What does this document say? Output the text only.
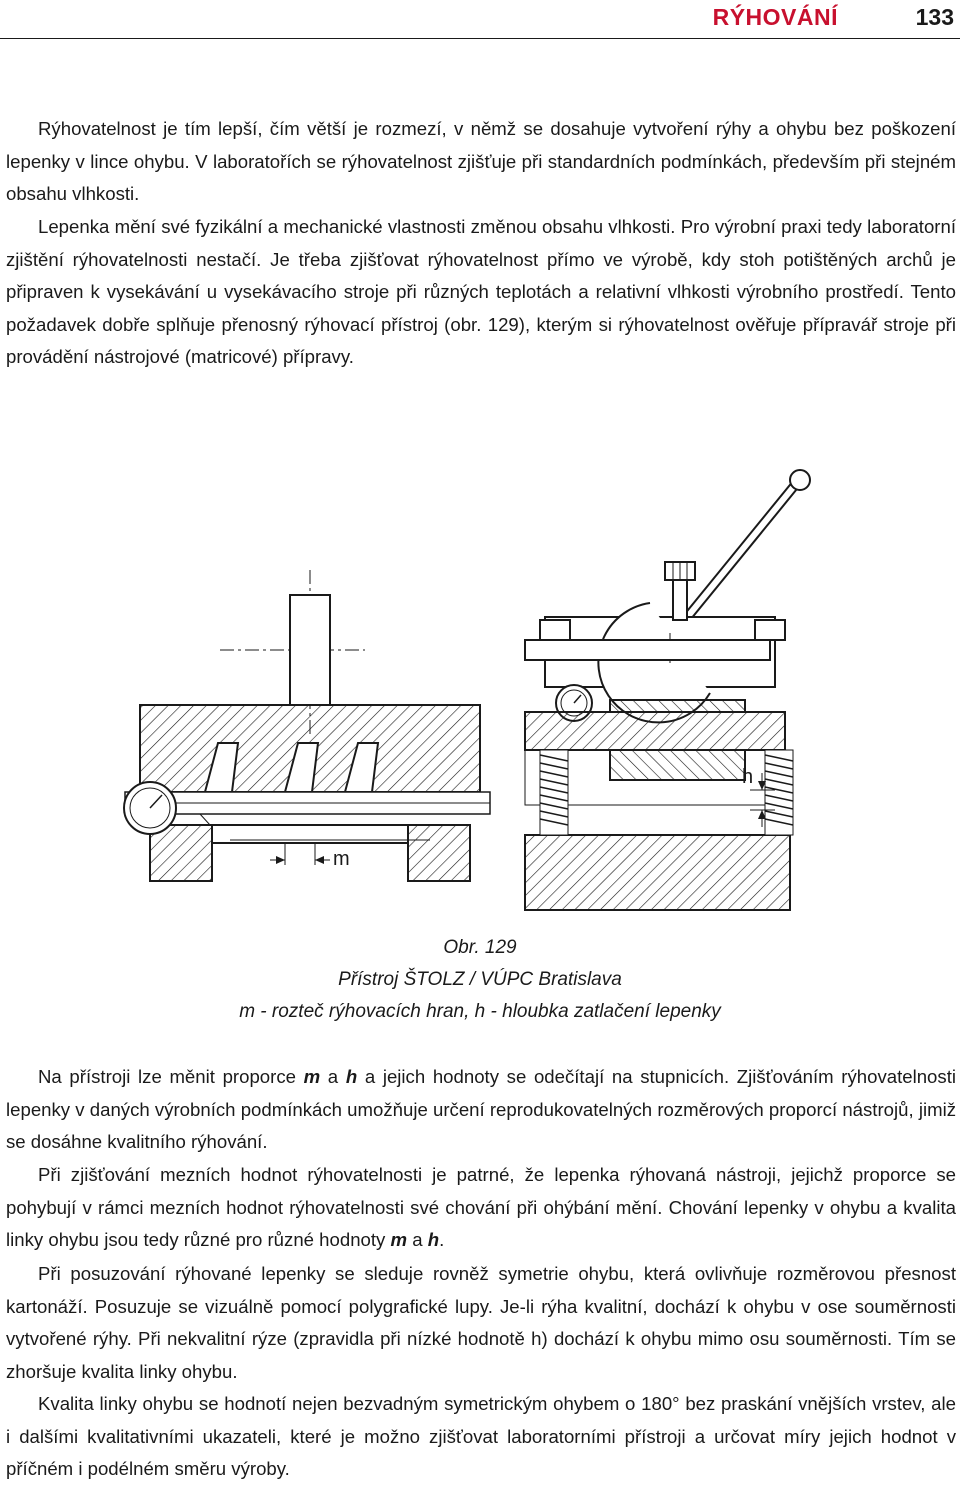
RÝHOVÁNÍ	133

Rýhovatelnost je tím lepší, čím větší je rozmezí, v němž se dosahuje vytvoření rýhy a ohybu bez poškození lepenky v lince ohybu. V laboratořích se rýhovatelnost zjišťuje při standardních podmínkách, především při stejném obsahu vlhkosti.

Lepenka mění své fyzikální a mechanické vlastnosti změnou obsahu vlhkosti. Pro výrobní praxi tedy laboratorní zjištění rýhovatelnosti nestačí. Je třeba zjišťovat rýhovatelnost přímo ve výrobě, kdy stoh potištěných archů je připraven k vysekávání u vysekávacího stroje při různých teplotách a relativní vlhkosti výrobního prostředí. Tento požadavek dobře splňuje přenosný rýhovací přístroj (obr. 129), kterým si rýhovatelnost ověřuje přípravář stroje při provádění nástrojové (matricové) přípravy.

m
h
Obr. 129
Přístroj ŠTOLZ / VÚPC Bratislava
m - rozteč rýhovacích hran, h - hloubka zatlačení lepenky

Na přístroji lze měnit proporce m a h a jejich hodnoty se odečítají na stupnicích. Zjišťováním rýhovatelnosti lepenky v daných výrobních podmínkách umožňuje určení reprodukovatelných rozměrových proporcí nástrojů, jimiž se dosáhne kvalitního rýhování.

Při zjišťování mezních hodnot rýhovatelnosti je patrné, že lepenka rýhovaná nástroji, jejichž proporce se pohybují v rámci mezních hodnot rýhovatelnosti své chování při ohýbání mění. Chování lepenky v ohybu a kvalita linky ohybu jsou tedy různé pro různé hodnoty m a h.

Při posuzování rýhované lepenky se sleduje rovněž symetrie ohybu, která ovlivňuje rozměrovou přesnost kartonáží. Posuzuje se vizuálně pomocí polygrafické lupy. Je-li rýha kvalitní, dochází k ohybu v ose souměrnosti vytvořené rýhy. Při nekvalitní rýze (zpravidla při nízké hodnotě h) dochází k ohybu mimo osu souměrnosti. Tím se zhoršuje kvalita linky ohybu.

Kvalita linky ohybu se hodnotí nejen bezvadným symetrickým ohybem o 180° bez praskání vnějších vrstev, ale i dalšími kvalitativními ukazateli, které je možno zjišťovat laboratorními přístroji a určovat míry jejich hodnot v příčném i podélném směru výroby.
